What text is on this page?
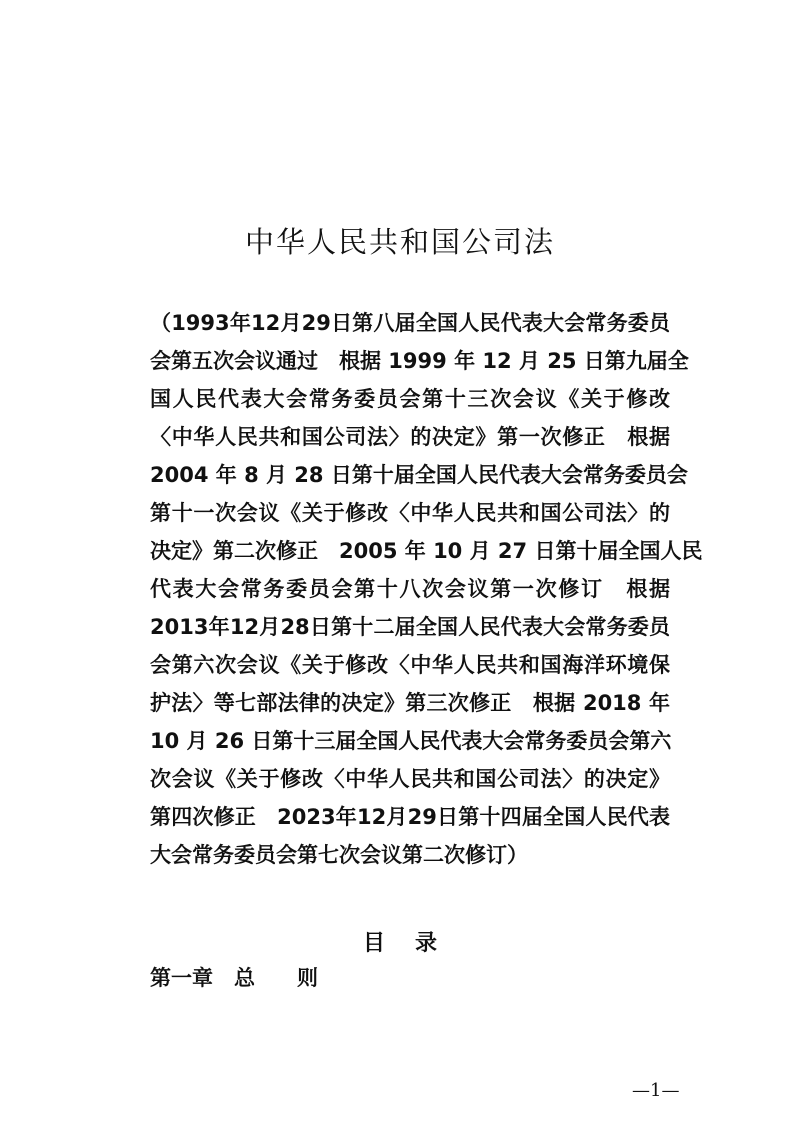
中华人民共和国公司法
（1993年12月29日第八届全国人民代表大会常务委员
会第五次会议通过　根据 1999 年 12 月 25 日第九届全
国人民代表大会常务委员会第十三次会议《关于修改
〈中华人民共和国公司法〉的决定》第一次修正　根据
2004 年 8 月 28 日第十届全国人民代表大会常务委员会
第十一次会议《关于修改〈中华人民共和国公司法〉的
决定》第二次修正　2005 年 10 月 27 日第十届全国人民
代表大会常务委员会第十八次会议第一次修订　根据
2013年12月28日第十二届全国人民代表大会常务委员
会第六次会议《关于修改〈中华人民共和国海洋环境保
护法〉等七部法律的决定》第三次修正　根据 2018 年
10 月 26 日第十三届全国人民代表大会常务委员会第六
次会议《关于修改〈中华人民共和国公司法〉的决定》
第四次修正　2023年12月29日第十四届全国人民代表
大会常务委员会第七次会议第二次修订）
目录
第一章　总　　则
—1—
